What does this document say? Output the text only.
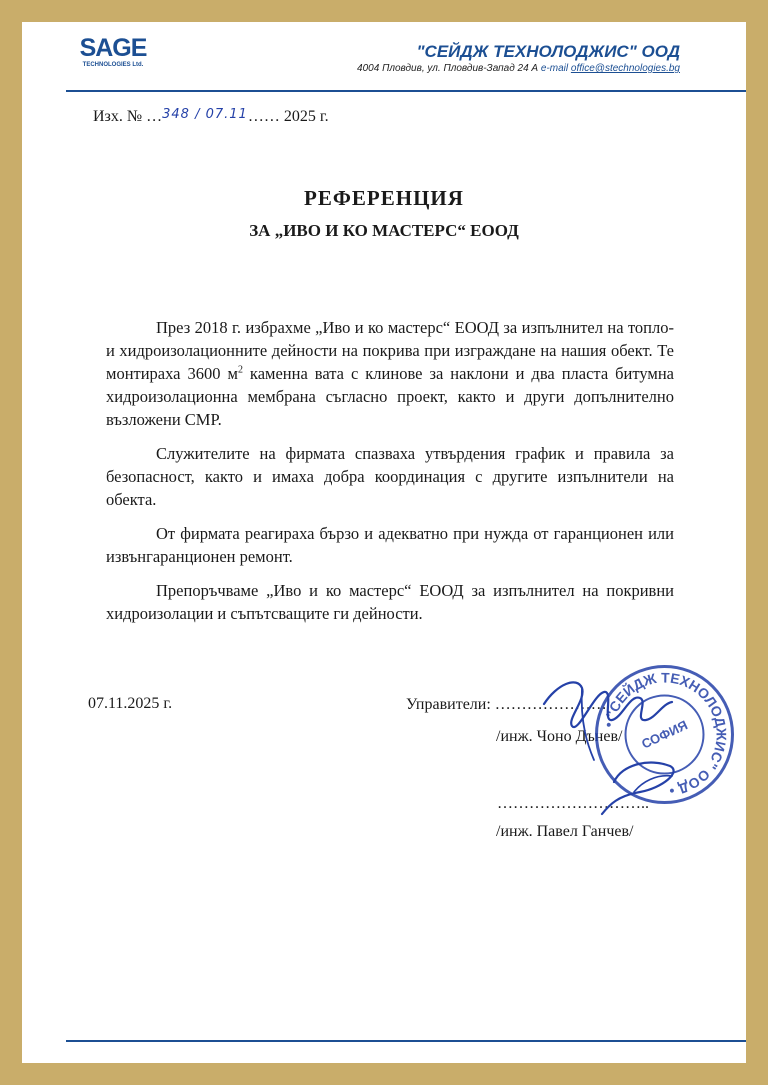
SAGE
TECHNOLOGIES Ltd.
"СЕЙДЖ ТЕХНОЛОДЖИС" ООД
4004 Пловдив, ул. Пловдив-Запад 24 А e-mail office@stechnologies.bg
Изх. № …348 / 07.11…… 2025 г.
РЕФЕРЕНЦИЯ
ЗА „ИВО И КО МАСТЕРС“ ЕООД

През 2018 г. избрахме „Иво и ко мастерс“ ЕООД за изпълнител на топло- и хидроизолационните дейности на покрива при изграждане на нашия обект. Те монтираха 3600 $м^2$ каменна вата с клинове за наклони и два пласта битумна хидроизолационна мембрана съгласно проект, както и други допълнително възложени СМР.

Служителите на фирмата спазваха утвърдения график и правила за безопасност, както и имаха добра координация с другите изпълнители на обекта.

От фирмата реагираха бързо и адекватно при нужда от гаранционен или извънгаранционен ремонт.

Препоръчваме „Иво и ко мастерс“ ЕООД за изпълнител на покривни хидроизолации и съпътсващите ги дейности.

07.11.2025 г.	Управители: …………………
/инж. Чоно Дънев/
………………………..
/инж. Павел Ганчев/
• "СЕЙДЖ ТЕХНОЛОДЖИС" ООД •
СОФИЯ
